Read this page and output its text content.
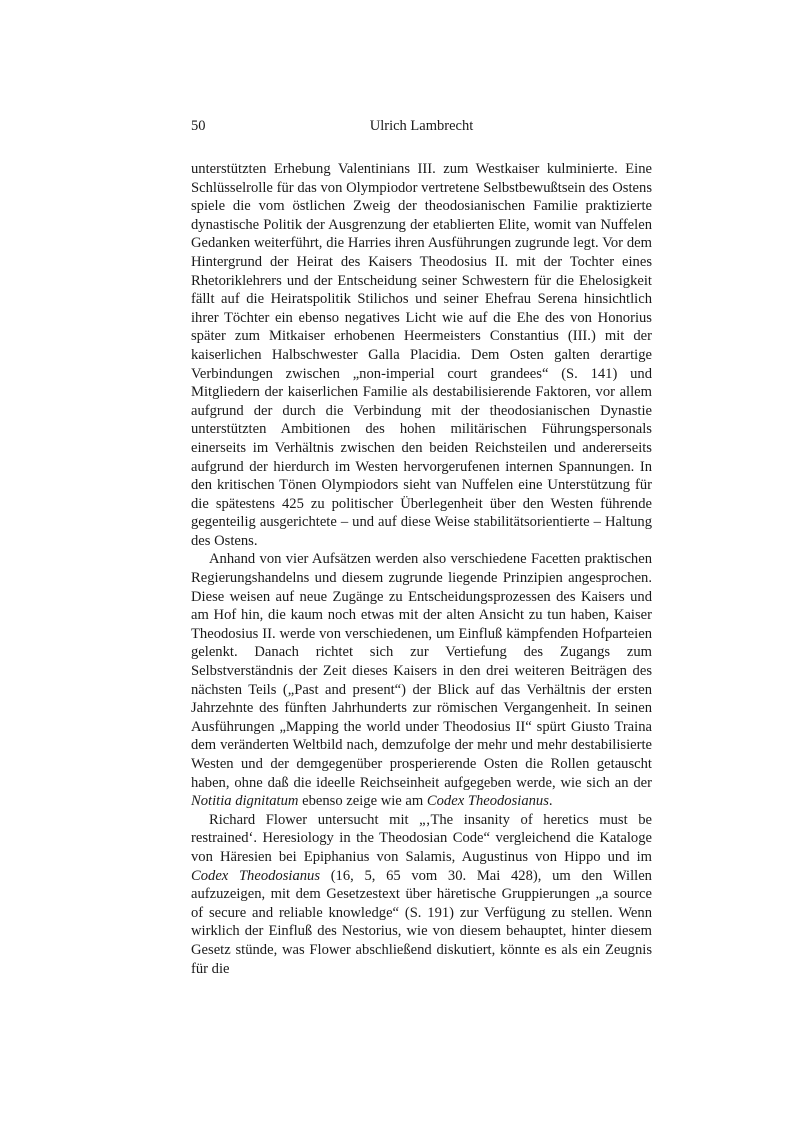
50	Ulrich Lambrecht

unterstützten Erhebung Valentinians III. zum Westkaiser kulminierte. Eine Schlüsselrolle für das von Olympiodor vertretene Selbstbewußtsein des Ostens spiele die vom östlichen Zweig der theodosianischen Familie praktizierte dynastische Politik der Ausgrenzung der etablierten Elite, womit van Nuffelen Gedanken weiterführt, die Harries ihren Ausführungen zugrunde legt. Vor dem Hintergrund der Heirat des Kaisers Theodosius II. mit der Tochter eines Rhetoriklehrers und der Entscheidung seiner Schwestern für die Ehelosigkeit fällt auf die Heiratspolitik Stilichos und seiner Ehefrau Serena hinsichtlich ihrer Töchter ein ebenso negatives Licht wie auf die Ehe des von Honorius später zum Mitkaiser erhobenen Heermeisters Constantius (III.) mit der kaiserlichen Halbschwester Galla Placidia. Dem Osten galten derartige Verbindungen zwischen „non-imperial court grandees“ (S. 141) und Mitgliedern der kaiserlichen Familie als destabilisierende Faktoren, vor allem aufgrund der durch die Verbindung mit der theodosianischen Dynastie unterstützten Ambitionen des hohen militärischen Führungspersonals einerseits im Verhältnis zwischen den beiden Reichsteilen und andererseits aufgrund der hierdurch im Westen hervorgerufenen internen Spannungen. In den kritischen Tönen Olympiodors sieht van Nuffelen eine Unterstützung für die spätestens 425 zu politischer Überlegenheit über den Westen führende gegenteilig ausgerichtete – und auf diese Weise stabilitätsorientierte – Haltung des Ostens.

Anhand von vier Aufsätzen werden also verschiedene Facetten praktischen Regierungshandelns und diesem zugrunde liegende Prinzipien angesprochen. Diese weisen auf neue Zugänge zu Entscheidungsprozessen des Kaisers und am Hof hin, die kaum noch etwas mit der alten Ansicht zu tun haben, Kaiser Theodosius II. werde von verschiedenen, um Einfluß kämpfenden Hofparteien gelenkt. Danach richtet sich zur Vertiefung des Zugangs zum Selbstverständnis der Zeit dieses Kaisers in den drei weiteren Beiträgen des nächsten Teils („Past and present“) der Blick auf das Verhältnis der ersten Jahrzehnte des fünften Jahrhunderts zur römischen Vergangenheit. In seinen Ausführungen „Mapping the world under Theodosius II“ spürt Giusto Traina dem veränderten Weltbild nach, demzufolge der mehr und mehr destabilisierte Westen und der demgegenüber prosperierende Osten die Rollen getauscht haben, ohne daß die ideelle Reichseinheit aufgegeben werde, wie sich an der Notitia dignitatum ebenso zeige wie am Codex Theodosianus.

Richard Flower untersucht mit „‚The insanity of heretics must be restrained‘. Heresiology in the Theodosian Code“ vergleichend die Kataloge von Häresien bei Epiphanius von Salamis, Augustinus von Hippo und im Codex Theodosianus (16, 5, 65 vom 30. Mai 428), um den Willen aufzuzeigen, mit dem Gesetzestext über häretische Gruppierungen „a source of secure and reliable knowledge“ (S. 191) zur Verfügung zu stellen. Wenn wirklich der Einfluß des Nestorius, wie von diesem behauptet, hinter diesem Gesetz stünde, was Flower abschließend diskutiert, könnte es als ein Zeugnis für die
